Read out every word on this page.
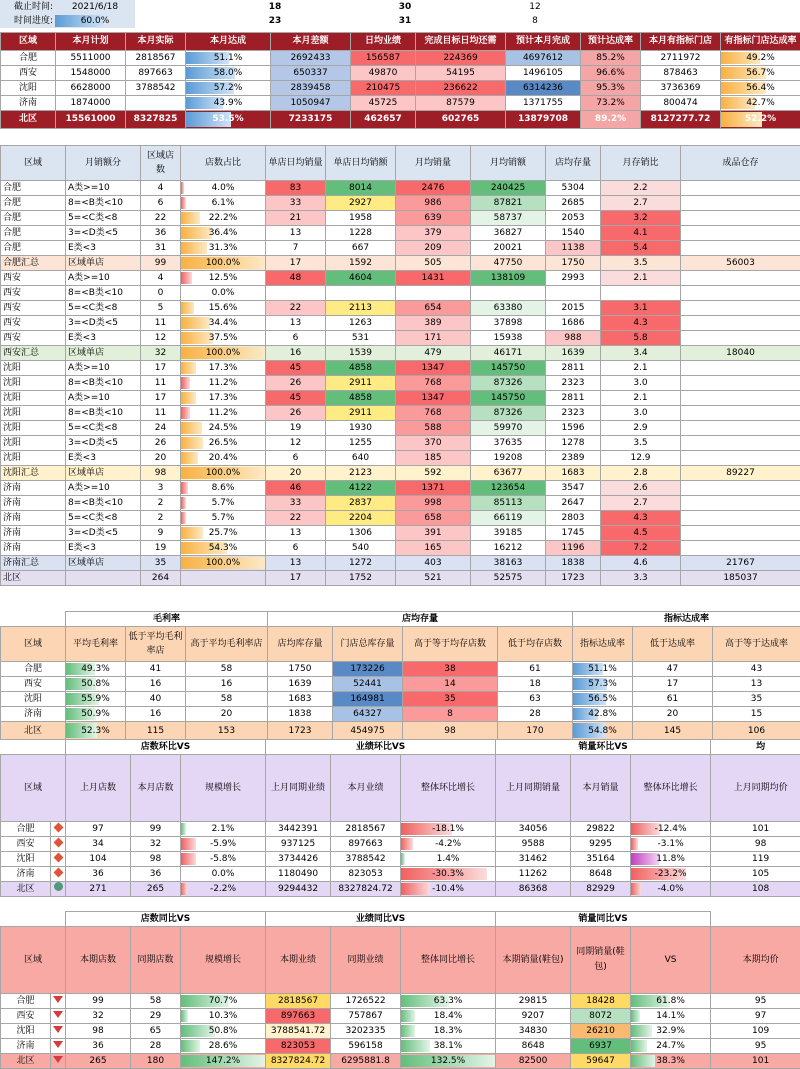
截止时间:	2021/6/18		18	30	12	
时间进度:	60.0%		23	31	8	
区域	本月计划	本月实际	本月达成	本月差额	日均业绩	完成目标日均还需	预计本月完成	预计达成率	本月有指标门店	有指标门店达成率
合肥	5511000	2818567	51.1%	2692433	156587	224369	4697612	85.2%	2711972	49.2%
西安	1548000	897663	58.0%	650337	49870	54195	1496105	96.6%	878463	56.7%
沈阳	6628000	3788542	57.2%	2839458	210475	236622	6314236	95.3%	3736369	56.4%
济南	1874000		43.9%	1050947	45725	87579	1371755	73.2%	800474	42.7%
北区	15561000	8327825	53.5%	7233175	462657	602765	13879708	89.2%	8127277.72	52.2%
区域	月销额分	区域店数	店数占比	单店日均销量	单店日均销额	月均销量	月均销额	店均存量	月存销比	成品仓存
合肥	A类>=10	4	4.0%	83	8014	2476	240425	5304	2.2	
合肥	8=<B类<10	6	6.1%	33	2927	986	87821	2685	2.7	
合肥	5=<C类<8	22	22.2%	21	1958	639	58737	2053	3.2	
合肥	3=<D类<5	36	36.4%	13	1228	379	36827	1540	4.1	
合肥	E类<3	31	31.3%	7	667	209	20021	1138	5.4	
合肥汇总	区域单店	99	100.0%	17	1592	505	47750	1750	3.5	56003
西安	A类>=10	4	12.5%	48	4604	1431	138109	2993	2.1	
西安	8=<B类<10	0	0.0%							
西安	5=<C类<8	5	15.6%	22	2113	654	63380	2015	3.1	
西安	3=<D类<5	11	34.4%	13	1263	389	37898	1686	4.3	
西安	E类<3	12	37.5%	6	531	171	15938	988	5.8	
西安汇总	区域单店	32	100.0%	16	1539	479	46171	1639	3.4	18040
沈阳	A类>=10	17	17.3%	45	4858	1347	145750	2811	2.1	
沈阳	8=<B类<10	11	11.2%	26	2911	768	87326	2323	3.0	
沈阳	A类>=10	17	17.3%	45	4858	1347	145750	2811	2.1	
沈阳	8=<B类<10	11	11.2%	26	2911	768	87326	2323	3.0	
沈阳	5=<C类<8	24	24.5%	19	1930	588	59970	1596	2.9	
沈阳	3=<D类<5	26	26.5%	12	1255	370	37635	1278	3.5	
沈阳	E类<3	20	20.4%	6	640	185	19208	2389	12.9	
沈阳汇总	区域单店	98	100.0%	20	2123	592	63677	1683	2.8	89227
济南	A类>=10	3	8.6%	46	4122	1371	123654	3547	2.6	
济南	8=<B类<10	2	5.7%	33	2837	998	85113	2647	2.7	
济南	5=<C类<8	2	5.7%	22	2204	658	66119	2803	4.3	
济南	3=<D类<5	9	25.7%	13	1306	391	39185	1745	4.5	
济南	E类<3	19	54.3%	6	540	165	16212	1196	7.2	
济南汇总	区域单店	35	100.0%	13	1272	403	38163	1838	4.6	21767
北区		264		17	1752	521	52575	1723	3.3	185037
	毛利率			店均存量				指标达成率		
区域	平均毛利率	低于平均毛利率店	高于平均毛利率店	店均库存量	门店总库存量	高于等于均存店数	低于均存店数	指标达成率	低于达成率	高于等于达成率
合肥	49.3%	41	58	1750	173226	38	61	51.1%	47	43
西安	50.8%	16	16	1639	52441	14	18	57.3%	17	13
沈阳	55.9%	40	58	1683	164981	35	63	56.5%	61	35
济南	50.9%	16	20	1838	64327	8	28	42.8%	20	15
北区	52.3%	115	153	1723	454975	98	170	54.8%	145	106
		店数环比VS			业绩环比VS			销量环比VS			均
区域		上月店数	本月店数	规模增长	上月同期业绩	本月业绩	整体环比增长	上月同期销量	本月销量	整体环比增长	上月同期均价
合肥		97	99	2.1%	3442391	2818567	-18.1%	34056	29822	-12.4%	101
西安		34	32	-5.9%	937125	897663	-4.2%	9588	9295	-3.1%	98
沈阳		104	98	-5.8%	3734426	3788542	1.4%	31462	35164	11.8%	119
济南		36	36	0.0%	1180490	823053	-30.3%	11262	8648	-23.2%	105
北区		271	265	-2.2%	9294432	8327824.72	-10.4%	86368	82929	-4.0%	108
		店数同比VS			业绩同比VS			销量同比VS			
区域		本期店数	同期店数	规模增长	本期业绩	同期业绩	整体同比增长	本期销量(鞋包)	同期销量(鞋包)	VS	本期均价
合肥		99	58	70.7%	2818567	1726522	63.3%	29815	18428	61.8%	95
西安		32	29	10.3%	897663	757867	18.4%	9207	8072	14.1%	97
沈阳		98	65	50.8%	3788541.72	3202335	18.3%	34830	26210	32.9%	109
济南		36	28	28.6%	823053	596158	38.1%	8648	6937	24.7%	95
北区		265	180	147.2%	8327824.72	6295881.8	132.5%	82500	59647	38.3%	101
